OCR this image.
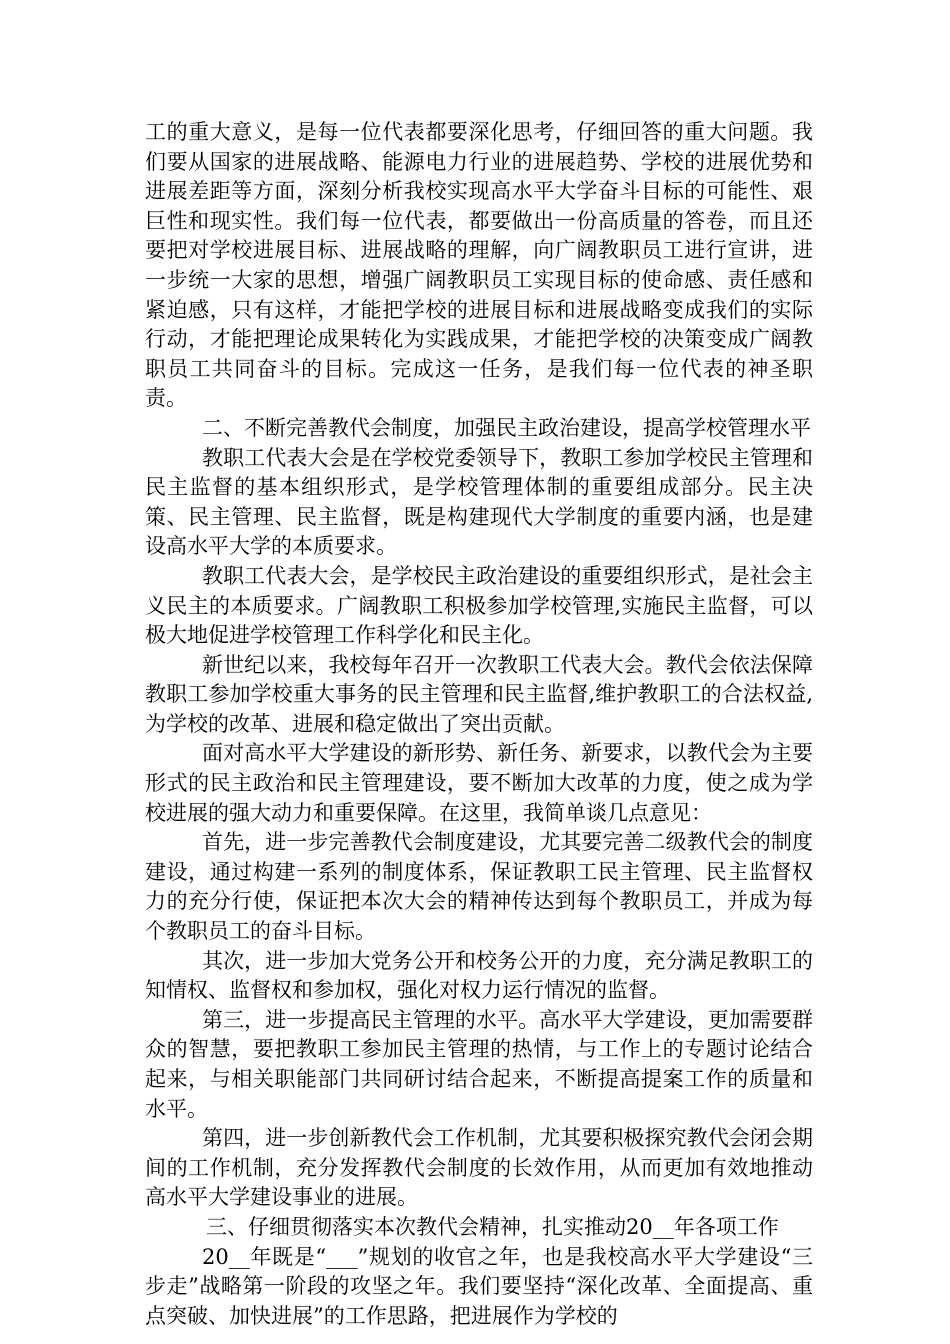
工的重大意义，是每一位代表都要深化思考，仔细回答的重大问题。我们要从国家的进展战略、能源电力行业的进展趋势、学校的进展优势和进展差距等方面，深刻分析我校实现高水平大学奋斗目标的可能性、艰巨性和现实性。我们每一位代表，都要做出一份高质量的答卷，而且还要把对学校进展目标、进展战略的理解，向广阔教职员工进行宣讲，进一步统一大家的思想，增强广阔教职员工实现目标的使命感、责任感和紧迫感，只有这样，才能把学校的进展目标和进展战略变成我们的实际行动，才能把理论成果转化为实践成果，才能把学校的决策变成广阔教职员工共同奋斗的目标。完成这一任务，是我们每一位代表的神圣职责。

二、不断完善教代会制度，加强民主政治建设，提高学校管理水平

教职工代表大会是在学校党委领导下，教职工参加学校民主管理和民主监督的基本组织形式，是学校管理体制的重要组成部分。民主决策、民主管理、民主监督，既是构建现代大学制度的重要内涵，也是建设高水平大学的本质要求。

教职工代表大会，是学校民主政治建设的重要组织形式，是社会主义民主的本质要求。广阔教职工积极参加学校管理,实施民主监督，可以极大地促进学校管理工作科学化和民主化。

新世纪以来，我校每年召开一次教职工代表大会。教代会依法保障教职工参加学校重大事务的民主管理和民主监督,维护教职工的合法权益,为学校的改革、进展和稳定做出了突出贡献。

面对高水平大学建设的新形势、新任务、新要求，以教代会为主要形式的民主政治和民主管理建设，要不断加大改革的力度，使之成为学校进展的强大动力和重要保障。在这里，我简单谈几点意见：

首先，进一步完善教代会制度建设，尤其要完善二级教代会的制度建设，通过构建一系列的制度体系，保证教职工民主管理、民主监督权力的充分行使，保证把本次大会的精神传达到每个教职员工，并成为每个教职员工的奋斗目标。

其次，进一步加大党务公开和校务公开的力度，充分满足教职工的知情权、监督权和参加权，强化对权力运行情况的监督。

第三，进一步提高民主管理的水平。高水平大学建设，更加需要群众的智慧，要把教职工参加民主管理的热情，与工作上的专题讨论结合起来，与相关职能部门共同研讨结合起来，不断提高提案工作的质量和水平。

第四，进一步创新教代会工作机制，尤其要积极探究教代会闭会期间的工作机制，充分发挥教代会制度的长效作用，从而更加有效地推动高水平大学建设事业的进展。

三、仔细贯彻落实本次教代会精神，扎实推动20__年各项工作

20__年既是“___”规划的收官之年，也是我校高水平大学建设“三步走”战略第一阶段的攻坚之年。我们要坚持“深化改革、全面提高、重点突破、加快进展”的工作思路，把进展作为学校的
